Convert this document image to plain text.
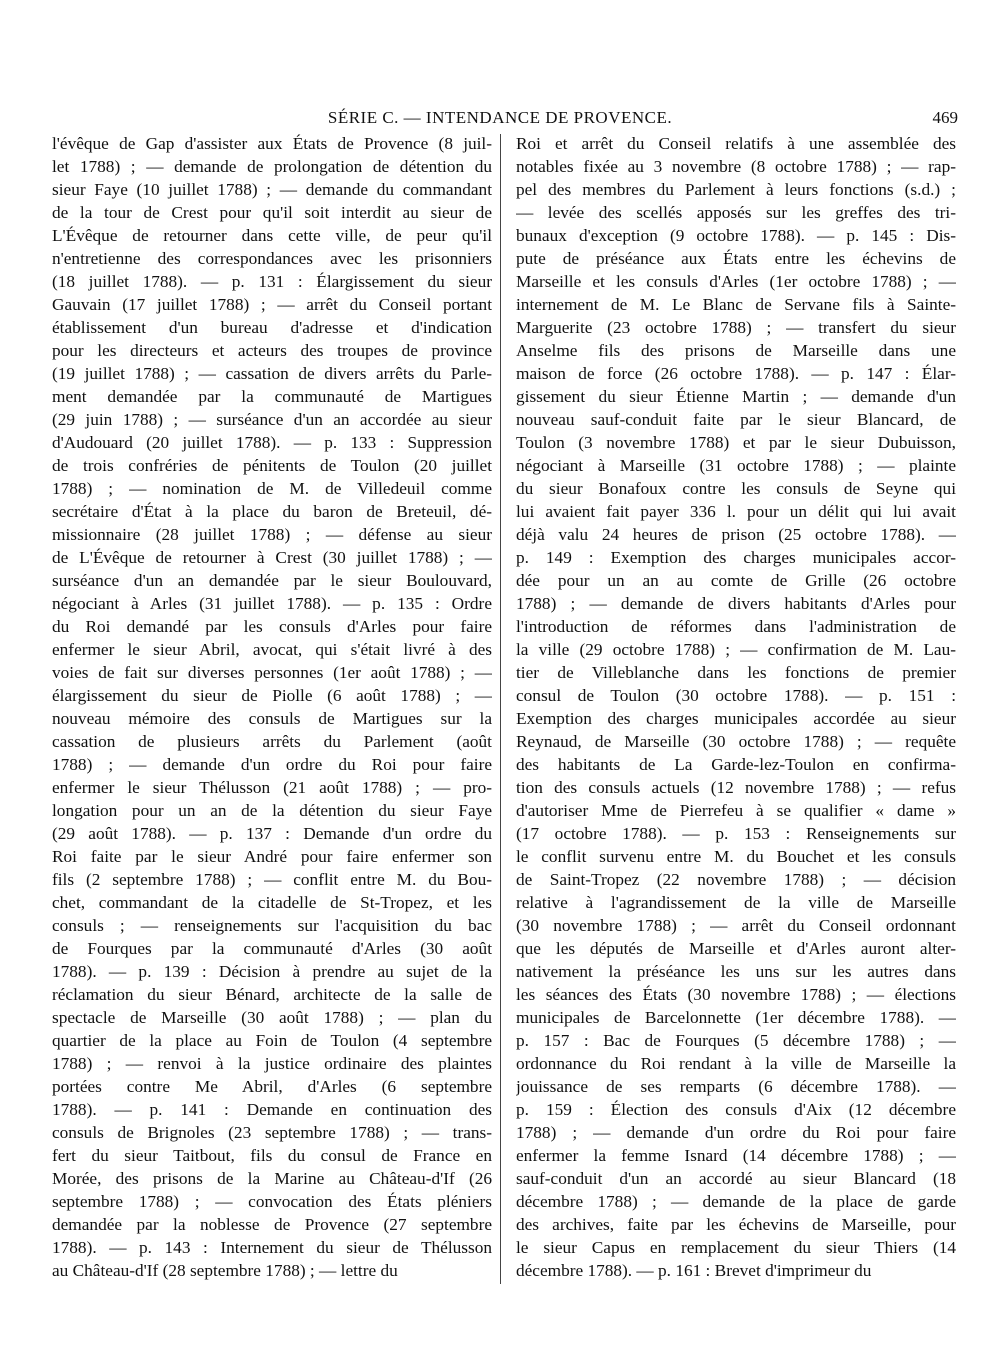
SÉRIE C. — INTENDANCE DE PROVENCE.	469
l'évêque de Gap d'assister aux États de Provence (8 juil-
let 1788) ; — demande de prolongation de détention du
sieur Faye (10 juillet 1788) ; — demande du commandant
de la tour de Crest pour qu'il soit interdit au sieur de
L'Évêque de retourner dans cette ville, de peur qu'il
n'entretienne des correspondances avec les prisonniers
(18 juillet 1788). — p. 131 : Élargissement du sieur
Gauvain (17 juillet 1788) ; — arrêt du Conseil portant
établissement d'un bureau d'adresse et d'indication
pour les directeurs et acteurs des troupes de province
(19 juillet 1788) ; — cassation de divers arrêts du Parle-
ment demandée par la communauté de Martigues
(29 juin 1788) ; — surséance d'un an accordée au sieur
d'Audouard (20 juillet 1788). — p. 133 : Suppression
de trois confréries de pénitents de Toulon (20 juillet
1788) ; — nomination de M. de Villedeuil comme
secrétaire d'État à la place du baron de Breteuil, dé-
missionnaire (28 juillet 1788) ; — défense au sieur
de L'Évêque de retourner à Crest (30 juillet 1788) ; —
surséance d'un an demandée par le sieur Boulouvard,
négociant à Arles (31 juillet 1788). — p. 135 : Ordre
du Roi demandé par les consuls d'Arles pour faire
enfermer le sieur Abril, avocat, qui s'était livré à des
voies de fait sur diverses personnes (1er août 1788) ; —
élargissement du sieur de Piolle (6 août 1788) ; —
nouveau mémoire des consuls de Martigues sur la
cassation de plusieurs arrêts du Parlement (août
1788) ; — demande d'un ordre du Roi pour faire
enfermer le sieur Thélusson (21 août 1788) ; — pro-
longation pour un an de la détention du sieur Faye
(29 août 1788). — p. 137 : Demande d'un ordre du
Roi faite par le sieur André pour faire enfermer son
fils (2 septembre 1788) ; — conflit entre M. du Bou-
chet, commandant de la citadelle de St-Tropez, et les
consuls ; — renseignements sur l'acquisition du bac
de Fourques par la communauté d'Arles (30 août
1788). — p. 139 : Décision à prendre au sujet de la
réclamation du sieur Bénard, architecte de la salle de
spectacle de Marseille (30 août 1788) ; — plan du
quartier de la place au Foin de Toulon (4 septembre
1788) ; — renvoi à la justice ordinaire des plaintes
portées contre Me Abril, d'Arles (6 septembre
1788). — p. 141 : Demande en continuation des
consuls de Brignoles (23 septembre 1788) ; — trans-
fert du sieur Taitbout, fils du consul de France en
Morée, des prisons de la Marine au Château-d'If (26
septembre 1788) ; — convocation des États pléniers
demandée par la noblesse de Provence (27 septembre
1788). — p. 143 : Internement du sieur de Thélusson
au Château-d'If (28 septembre 1788) ; — lettre du
Roi et arrêt du Conseil relatifs à une assemblée des
notables fixée au 3 novembre (8 octobre 1788) ; — rap-
pel des membres du Parlement à leurs fonctions (s.d.) ;
— levée des scellés apposés sur les greffes des tri-
bunaux d'exception (9 octobre 1788). — p. 145 : Dis-
pute de préséance aux États entre les échevins de
Marseille et les consuls d'Arles (1er octobre 1788) ; —
internement de M. Le Blanc de Servane fils à Sainte-
Marguerite (23 octobre 1788) ; — transfert du sieur
Anselme fils des prisons de Marseille dans une
maison de force (26 octobre 1788). — p. 147 : Élar-
gissement du sieur Étienne Martin ; — demande d'un
nouveau sauf-conduit faite par le sieur Blancard, de
Toulon (3 novembre 1788) et par le sieur Dubuisson,
négociant à Marseille (31 octobre 1788) ; — plainte
du sieur Bonafoux contre les consuls de Seyne qui
lui avaient fait payer 336 l. pour un délit qui lui avait
déjà valu 24 heures de prison (25 octobre 1788). —
p. 149 : Exemption des charges municipales accor-
dée pour un an au comte de Grille (26 octobre
1788) ; — demande de divers habitants d'Arles pour
l'introduction de réformes dans l'administration de
la ville (29 octobre 1788) ; — confirmation de M. Lau-
tier de Villeblanche dans les fonctions de premier
consul de Toulon (30 octobre 1788). — p. 151 :
Exemption des charges municipales accordée au sieur
Reynaud, de Marseille (30 octobre 1788) ; — requête
des habitants de La Garde-lez-Toulon en confirma-
tion des consuls actuels (12 novembre 1788) ; — refus
d'autoriser Mme de Pierrefeu à se qualifier « dame »
(17 octobre 1788). — p. 153 : Renseignements sur
le conflit survenu entre M. du Bouchet et les consuls
de Saint-Tropez (22 novembre 1788) ; — décision
relative à l'agrandissement de la ville de Marseille
(30 novembre 1788) ; — arrêt du Conseil ordonnant
que les députés de Marseille et d'Arles auront alter-
nativement la préséance les uns sur les autres dans
les séances des États (30 novembre 1788) ; — élections
municipales de Barcelonnette (1er décembre 1788). —
p. 157 : Bac de Fourques (5 décembre 1788) ; —
ordonnance du Roi rendant à la ville de Marseille la
jouissance de ses remparts (6 décembre 1788). —
p. 159 : Élection des consuls d'Aix (12 décembre
1788) ; — demande d'un ordre du Roi pour faire
enfermer la femme Isnard (14 décembre 1788) ; —
sauf-conduit d'un an accordé au sieur Blancard (18
décembre 1788) ; — demande de la place de garde
des archives, faite par les échevins de Marseille, pour
le sieur Capus en remplacement du sieur Thiers (14
décembre 1788). — p. 161 : Brevet d'imprimeur du
